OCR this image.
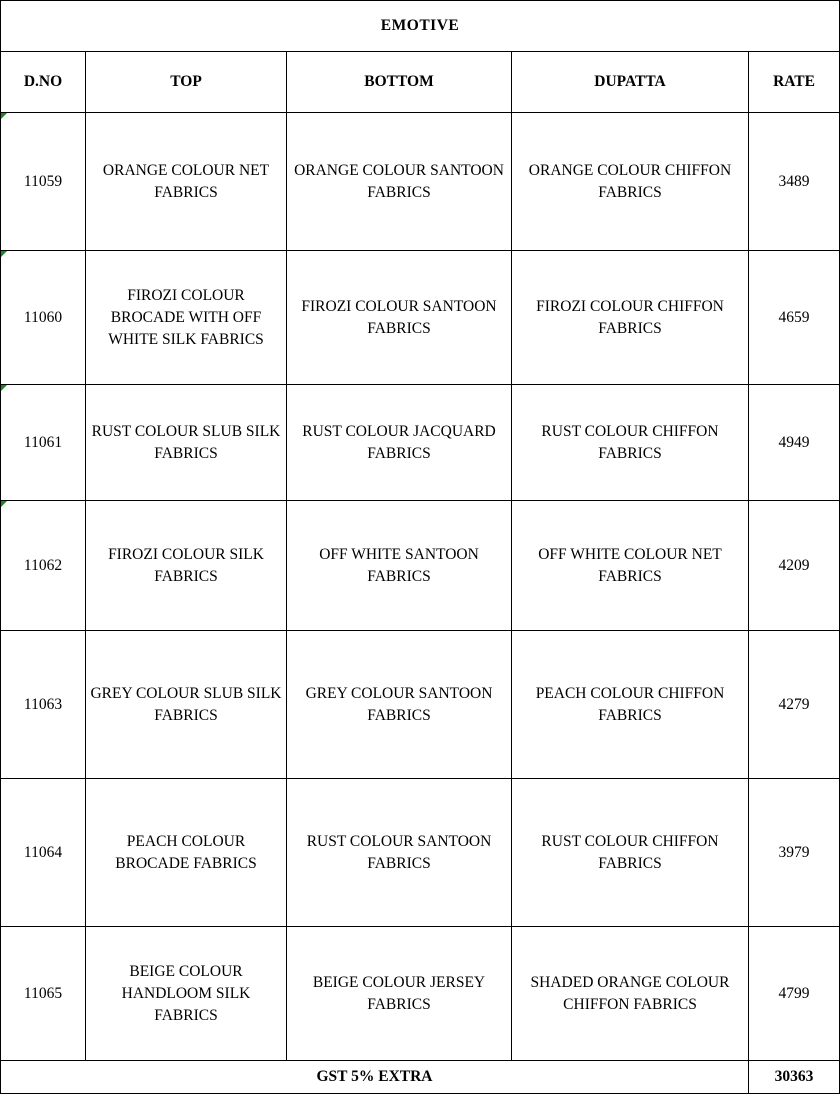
EMOTIVE				
D.NO	TOP	BOTTOM	DUPATTA	RATE

11059	ORANGE COLOUR NET FABRICS	ORANGE COLOUR SANTOON FABRICS	ORANGE COLOUR CHIFFON FABRICS	3489

11060	FIROZI COLOUR BROCADE WITH OFF WHITE SILK FABRICS	FIROZI COLOUR SANTOON FABRICS	FIROZI COLOUR CHIFFON FABRICS	4659

11061	RUST COLOUR SLUB SILK FABRICS	RUST COLOUR JACQUARD FABRICS	RUST COLOUR CHIFFON FABRICS	4949

11062	FIROZI COLOUR SILK FABRICS	OFF WHITE SANTOON FABRICS	OFF WHITE COLOUR NET FABRICS	4209
11063	GREY COLOUR SLUB SILK FABRICS	GREY COLOUR SANTOON FABRICS	PEACH COLOUR CHIFFON FABRICS	4279
11064	PEACH COLOUR BROCADE FABRICS	RUST COLOUR SANTOON FABRICS	RUST COLOUR CHIFFON FABRICS	3979
11065	BEIGE COLOUR HANDLOOM SILK FABRICS	BEIGE COLOUR JERSEY FABRICS	SHADED ORANGE COLOUR CHIFFON FABRICS	4799
GST 5% EXTRA				30363
